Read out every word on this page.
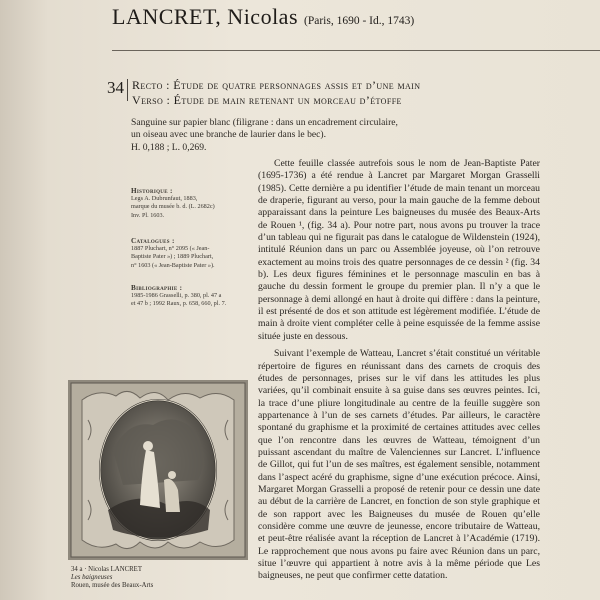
LANCRET, Nicolas (Paris, 1690 - Id., 1743)
34 Recto : Étude de quatre personnages assis et d’une main
Verso : Étude de main retenant un morceau d’étoffe
Sanguine sur papier blanc (filigrane : dans un encadrement circulaire,
un oiseau avec une branche de laurier dans le bec).
H. 0,188 ; L. 0,269.
Historique :
Legs A. Dubrunfaut, 1883,
marque du musée b. d. (L. 2682c)
Inv. Pl. 1603.
Catalogues :
1887 Pluchart, n° 2095 (« Jean-
Baptiste Pater ») ; 1889 Pluchart,
n° 1603 (« Jean-Baptiste Pater »).
Bibliographie :
1985-1986 Grasselli, p. 380, pl. 47 a
et 47 b ; 1992 Raux, p. 658, 660, pl. 7.

Cette feuille classée autrefois sous le nom de Jean-Baptiste Pater (1695-1736) a été rendue à Lancret par Margaret Morgan Grasselli (1985). Cette dernière a pu identifier l’étude de main tenant un morceau de draperie, figurant au verso, pour la main gauche de la femme debout apparaissant dans la peinture Les baigneuses du musée des Beaux-Arts de Rouen ¹, (fig. 34 a). Pour notre part, nous avons pu trouver la trace d’un tableau qui ne figurait pas dans le catalogue de Wildenstein (1924), intitulé Réunion dans un parc ou Assemblée joyeuse, où l’on retrouve exactement au moins trois des quatre personnages de ce dessin ² (fig. 34 b). Les deux figures féminines et le personnage masculin en bas à gauche du dessin forment le groupe du premier plan. Il n’y a que le personnage à demi allongé en haut à droite qui diffère : dans la peinture, il est présenté de dos et son attitude est légèrement modifiée. L’étude de main à droite vient compléter celle à peine esquissée de la femme assise située juste en dessous.

Suivant l’exemple de Watteau, Lancret s’était constitué un véritable répertoire de figures en réunissant dans des carnets de croquis des études de personnages, prises sur le vif dans les attitudes les plus variées, qu’il combinait ensuite à sa guise dans ses œuvres peintes. Ici, la trace d’une pliure longitudinale au centre de la feuille suggère son appartenance à l’un de ses carnets d’études. Par ailleurs, le caractère spontané du graphisme et la proximité de certaines attitudes avec celles que l’on rencontre dans les œuvres de Watteau, témoignent d’un puissant ascendant du maître de Valenciennes sur Lancret. L’influence de Gillot, qui fut l’un de ses maîtres, est également sensible, notamment dans l’aspect acéré du graphisme, signe d’une exécution précoce. Ainsi, Margaret Morgan Grasselli a proposé de retenir pour ce dessin une date au début de la carrière de Lancret, en fonction de son style graphique et de son rapport avec les Baigneuses du musée de Rouen qu’elle considère comme une œuvre de jeunesse, encore tributaire de Watteau, et peut-être réalisée avant la réception de Lancret à l’Académie (1719). Le rapprochement que nous avons pu faire avec Réunion dans un parc, situe l’œuvre qui appartient à notre avis à la même période que Les baigneuses, ne peut que confirmer cette datation.

34 a · Nicolas LANCRET
Les baigneuses
Rouen, musée des Beaux-Arts
